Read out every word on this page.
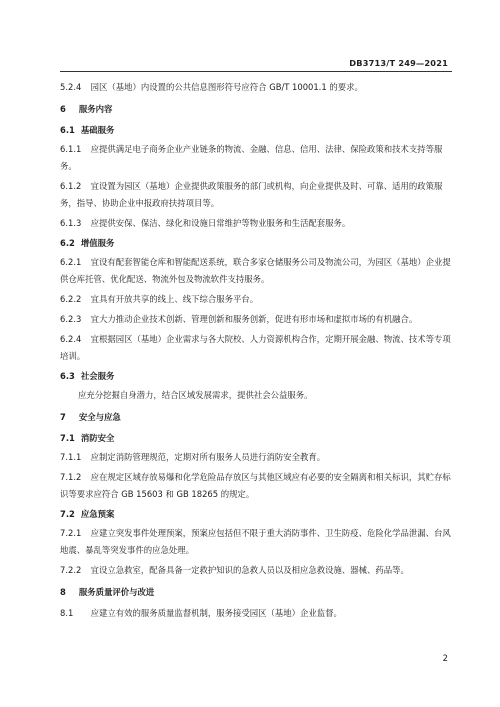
DB3713/T 249—2021

5.2.4 园区（基地）内设置的公共信息图形符号应符合 GB/T 10001.1 的要求。

6 服务内容

6.1 基础服务

6.1.1 应提供满足电子商务企业产业链条的物流、金融、信息、信用、法律、保险政策和技术支持等服务。

6.1.2 宜设置为园区（基地）企业提供政策服务的部门或机构，向企业提供及时、可靠、适用的政策服务，指导、协助企业申报政府扶持项目等。

6.1.3 应提供安保、保洁、绿化和设施日常维护等物业服务和生活配套服务。

6.2 增值服务

6.2.1 宜设有配套智能仓库和智能配送系统，联合多家仓储服务公司及物流公司，为园区（基地）企业提供仓库托管、优化配送、物流外包及物流软件支持服务。

6.2.2 宜具有开放共享的线上、线下综合服务平台。

6.2.3 宜大力推动企业技术创新、管理创新和服务创新，促进有形市场和虚拟市场的有机融合。

6.2.4 宜根据园区（基地）企业需求与各大院校、人力资源机构合作，定期开展金融、物流、技术等专项培训。

6.3 社会服务

应充分挖掘自身潜力，结合区域发展需求，提供社会公益服务。

7 安全与应急

7.1 消防安全

7.1.1 应制定消防管理规范，定期对所有服务人员进行消防安全教育。

7.1.2 应在规定区域存放易爆和化学危险品存放区与其他区域应有必要的安全隔离和相关标识，其贮存标识等要求应符合 GB 15603 和 GB 18265 的规定。

7.2 应急预案

7.2.1 应建立突发事件处理预案，预案应包括但不限于重大消防事件、卫生防疫、危险化学品泄漏、台风地震、暴乱等突发事件的应急处理。

7.2.2 宜设立急救室，配备具备一定救护知识的急救人员以及相应急救设施、器械、药品等。

8 服务质量评价与改进

8.1 应建立有效的服务质量监督机制，服务接受园区（基地）企业监督。

2
